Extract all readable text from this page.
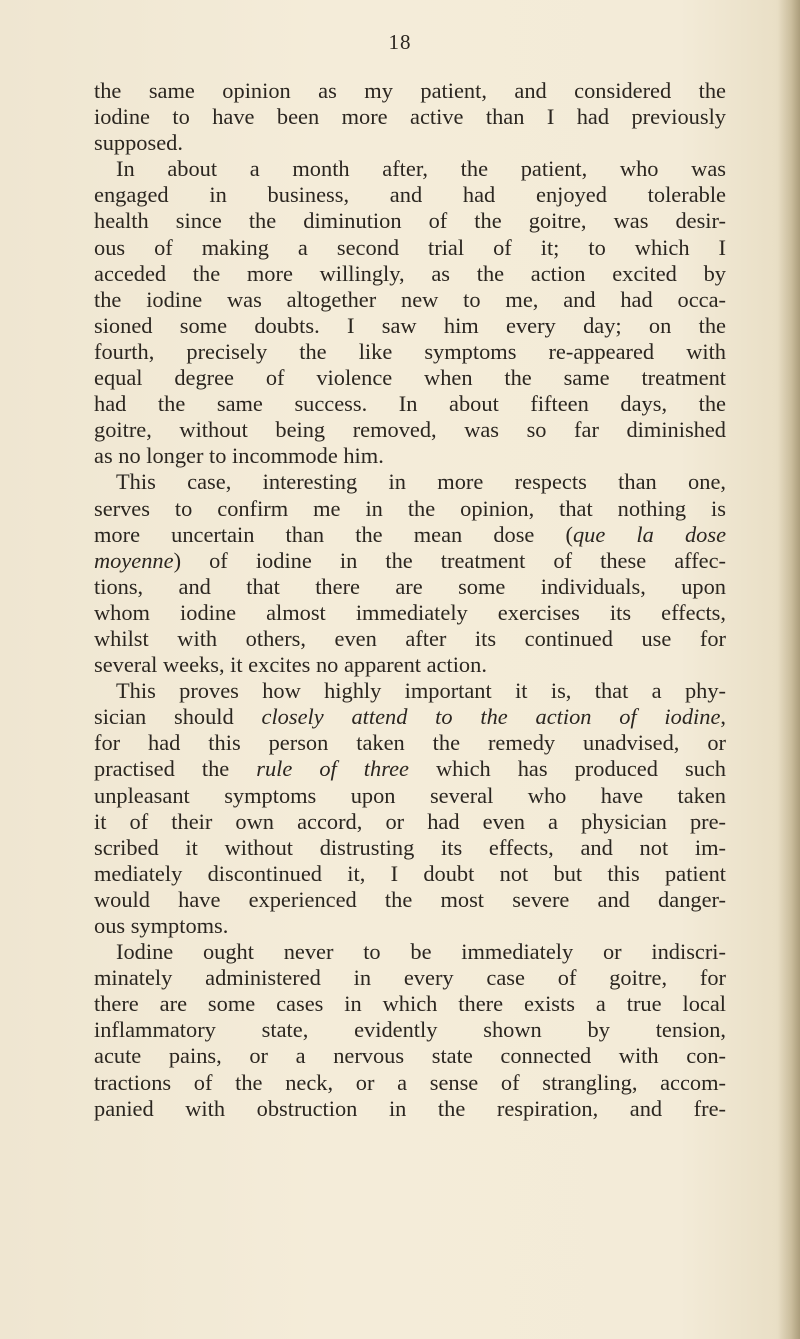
18
the same opinion as my patient, and considered the
iodine to have been more active than I had previously
supposed.
In about a month after, the patient, who was
engaged in business, and had enjoyed tolerable
health since the diminution of the goitre, was desir-
ous of making a second trial of it; to which I
acceded the more willingly, as the action excited by
the iodine was altogether new to me, and had occa-
sioned some doubts. I saw him every day; on the
fourth, precisely the like symptoms re-appeared with
equal degree of violence when the same treatment
had the same success. In about fifteen days, the
goitre, without being removed, was so far diminished
as no longer to incommode him.
This case, interesting in more respects than one,
serves to confirm me in the opinion, that nothing is
more uncertain than the mean dose (que la dose
moyenne) of iodine in the treatment of these affec-
tions, and that there are some individuals, upon
whom iodine almost immediately exercises its effects,
whilst with others, even after its continued use for
several weeks, it excites no apparent action.
This proves how highly important it is, that a phy-
sician should closely attend to the action of iodine,
for had this person taken the remedy unadvised, or
practised the rule of three which has produced such
unpleasant symptoms upon several who have taken
it of their own accord, or had even a physician pre-
scribed it without distrusting its effects, and not im-
mediately discontinued it, I doubt not but this patient
would have experienced the most severe and danger-
ous symptoms.
Iodine ought never to be immediately or indiscri-
minately administered in every case of goitre, for
there are some cases in which there exists a true local
inflammatory state, evidently shown by tension,
acute pains, or a nervous state connected with con-
tractions of the neck, or a sense of strangling, accom-
panied with obstruction in the respiration, and fre-
